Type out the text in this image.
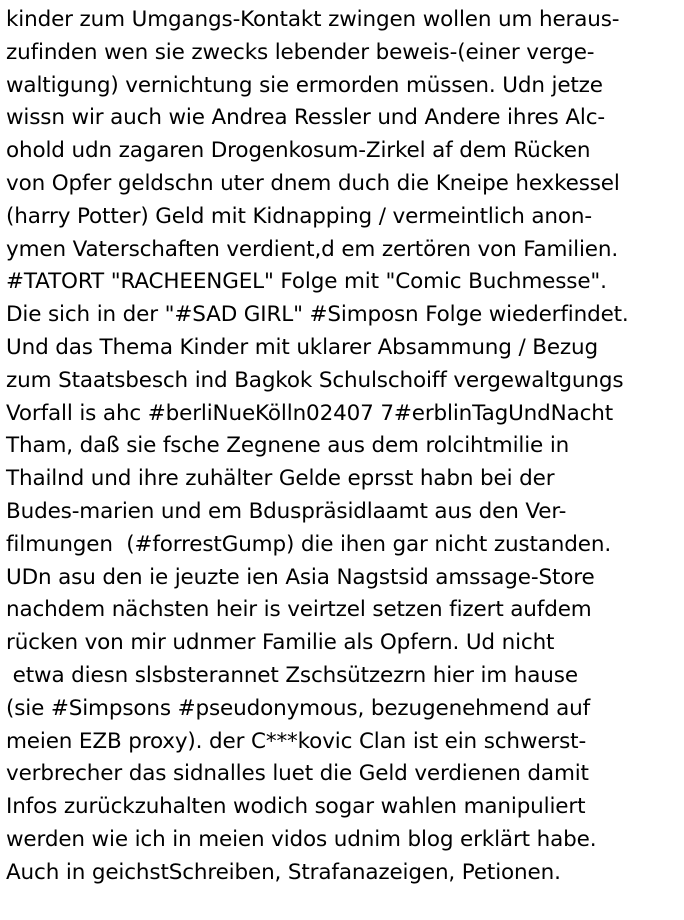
kinder zum Umgangs-Kontakt zwingen wollen um heraus-
zufinden wen sie zwecks lebender beweis-(einer verge-
waltigung) vernichtung sie ermorden müssen. Udn jetze
wissn wir auch wie Andrea Ressler und Andere ihres Alc-
ohold udn zagaren Drogenkosum-Zirkel af dem Rücken
von Opfer geldschn uter dnem duch die Kneipe hexkessel
(harry Potter) Geld mit Kidnapping / vermeintlich anon-
ymen Vaterschaften verdient,d em zertören von Familien.
#TATORT "RACHEENGEL" Folge mit "Comic Buchmesse".
Die sich in der "#SAD GIRL" #Simposn Folge wiederfindet.
Und das Thema Kinder mit uklarer Absammung / Bezug
zum Staatsbesch ind Bagkok Schulschoiff vergewaltgungs
Vorfall is ahc #berliNueKölln02407 7#erblinTagUndNacht
Tham, daß sie fsche Zegnene aus dem rolcihtmilie in
Thailnd und ihre zuhälter Gelde eprsst habn bei der
Budes-marien und em Bduspräsidlaamt aus den Ver-
filmungen  (#forrestGump) die ihen gar nicht zustanden.
UDn asu den ie jeuzte ien Asia Nagstsid amssage-Store
nachdem nächsten heir is veirtzel setzen fizert aufdem
rücken von mir udnmer Familie als Opfern. Ud nicht
etwa diesn slsbsterannet Zschsützezrn hier im hause
(sie #Simpsons #pseudonymous, bezugenehmend auf
meien EZB proxy). der C***kovic Clan ist ein schwerst-
verbrecher das sidnalles luet die Geld verdienen damit
Infos zurückzuhalten wodich sogar wahlen manipuliert
werden wie ich in meien vidos udnim blog erklärt habe.
Auch in geichstSchreiben, Strafanazeigen, Petionen.
